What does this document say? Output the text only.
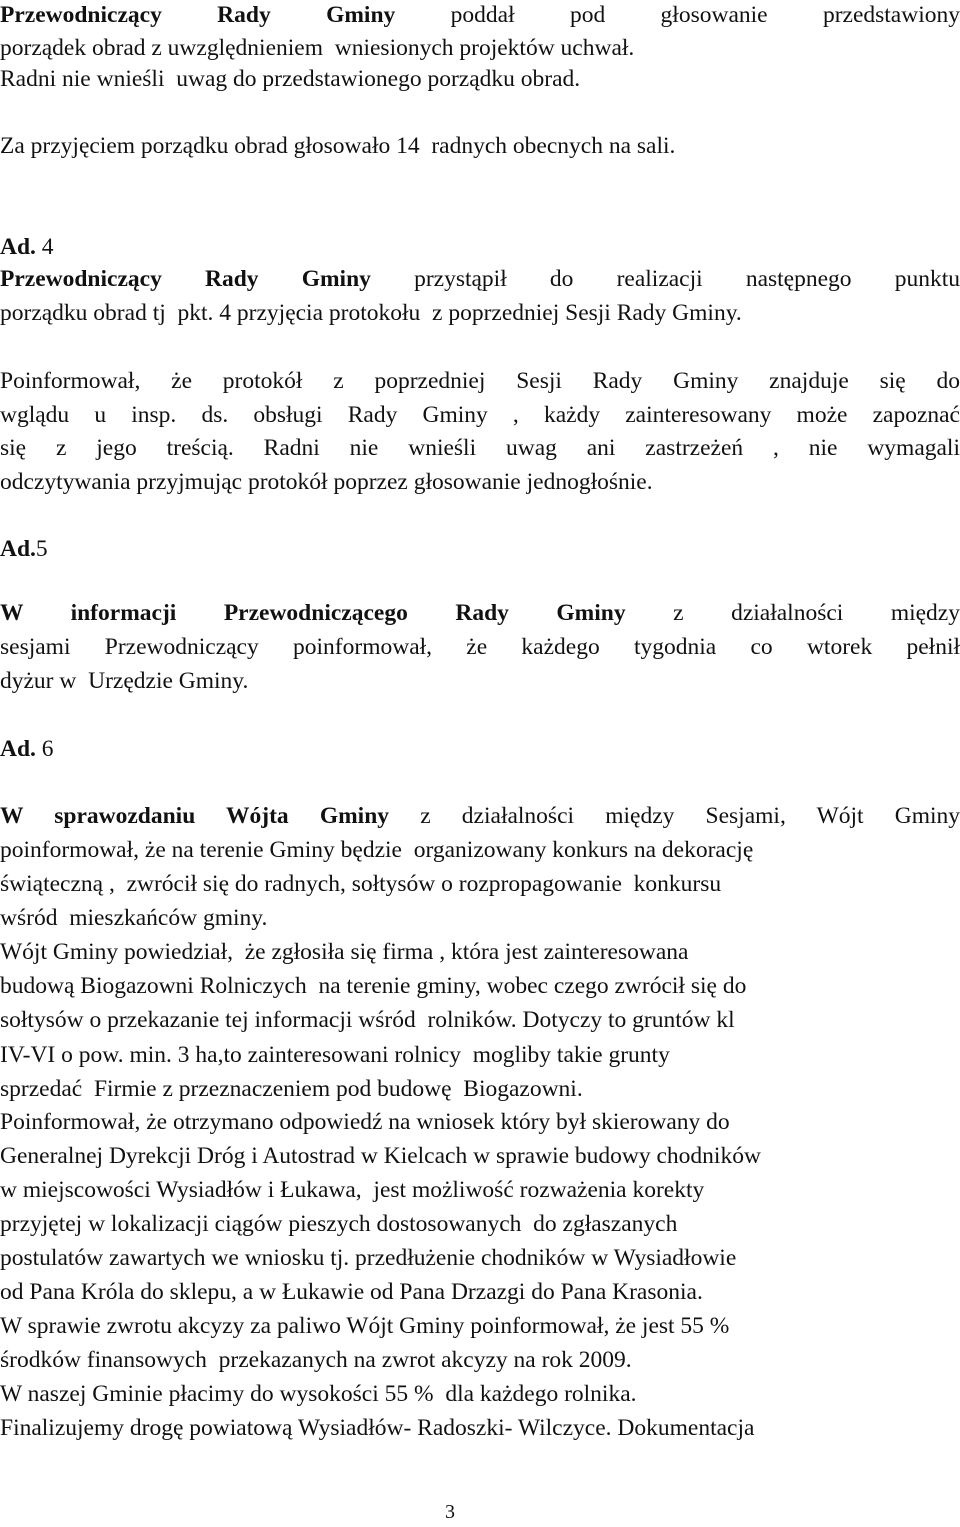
Przewodniczący Rady Gminy poddał pod głosowanie przedstawiony
porządek obrad z uwzględnieniem  wniesionych projektów uchwał.
Radni nie wnieśli  uwag do przedstawionego porządku obrad.
Za przyjęciem porządku obrad głosowało 14  radnych obecnych na sali.
Ad. 4
Przewodniczący Rady Gminy przystąpił do realizacji następnego punktu
porządku obrad tj  pkt. 4 przyjęcia protokołu  z poprzedniej Sesji Rady Gminy.
Poinformował, że protokół z poprzedniej Sesji Rady Gminy znajduje się do
wglądu u insp. ds. obsługi Rady Gminy , każdy zainteresowany może zapoznać
się z jego treścią. Radni nie wnieśli uwag ani zastrzeżeń , nie wymagali
odczytywania przyjmując protokół poprzez głosowanie jednogłośnie.
Ad.5
W informacji Przewodniczącego Rady Gminy z działalności między
sesjami Przewodniczący poinformował, że każdego tygodnia co wtorek pełnił
dyżur w  Urzędzie Gminy.
Ad. 6
W sprawozdaniu Wójta Gminy z działalności między Sesjami, Wójt Gminy
poinformował, że na terenie Gminy będzie  organizowany konkurs na dekorację
świąteczną ,  zwrócił się do radnych, sołtysów o rozpropagowanie  konkursu
wśród  mieszkańców gminy.
Wójt Gminy powiedział,  że zgłosiła się firma , która jest zainteresowana
budową Biogazowni Rolniczych  na terenie gminy, wobec czego zwrócił się do
sołtysów o przekazanie tej informacji wśród  rolników. Dotyczy to gruntów kl
IV-VI o pow. min. 3 ha,to zainteresowani rolnicy  mogliby takie grunty
sprzedać  Firmie z przeznaczeniem pod budowę  Biogazowni.
Poinformował, że otrzymano odpowiedź na wniosek który był skierowany do
Generalnej Dyrekcji Dróg i Autostrad w Kielcach w sprawie budowy chodników
w miejscowości Wysiadłów i Łukawa,  jest możliwość rozważenia korekty
przyjętej w lokalizacji ciągów pieszych dostosowanych  do zgłaszanych
postulatów zawartych we wniosku tj. przedłużenie chodników w Wysiadłowie
od Pana Króla do sklepu, a w Łukawie od Pana Drzazgi do Pana Krasonia.
W sprawie zwrotu akcyzy za paliwo Wójt Gminy poinformował, że jest 55 %
środków finansowych  przekazanych na zwrot akcyzy na rok 2009.
W naszej Gminie płacimy do wysokości 55 %  dla każdego rolnika.
Finalizujemy drogę powiatową Wysiadłów- Radoszki- Wilczyce. Dokumentacja
3
